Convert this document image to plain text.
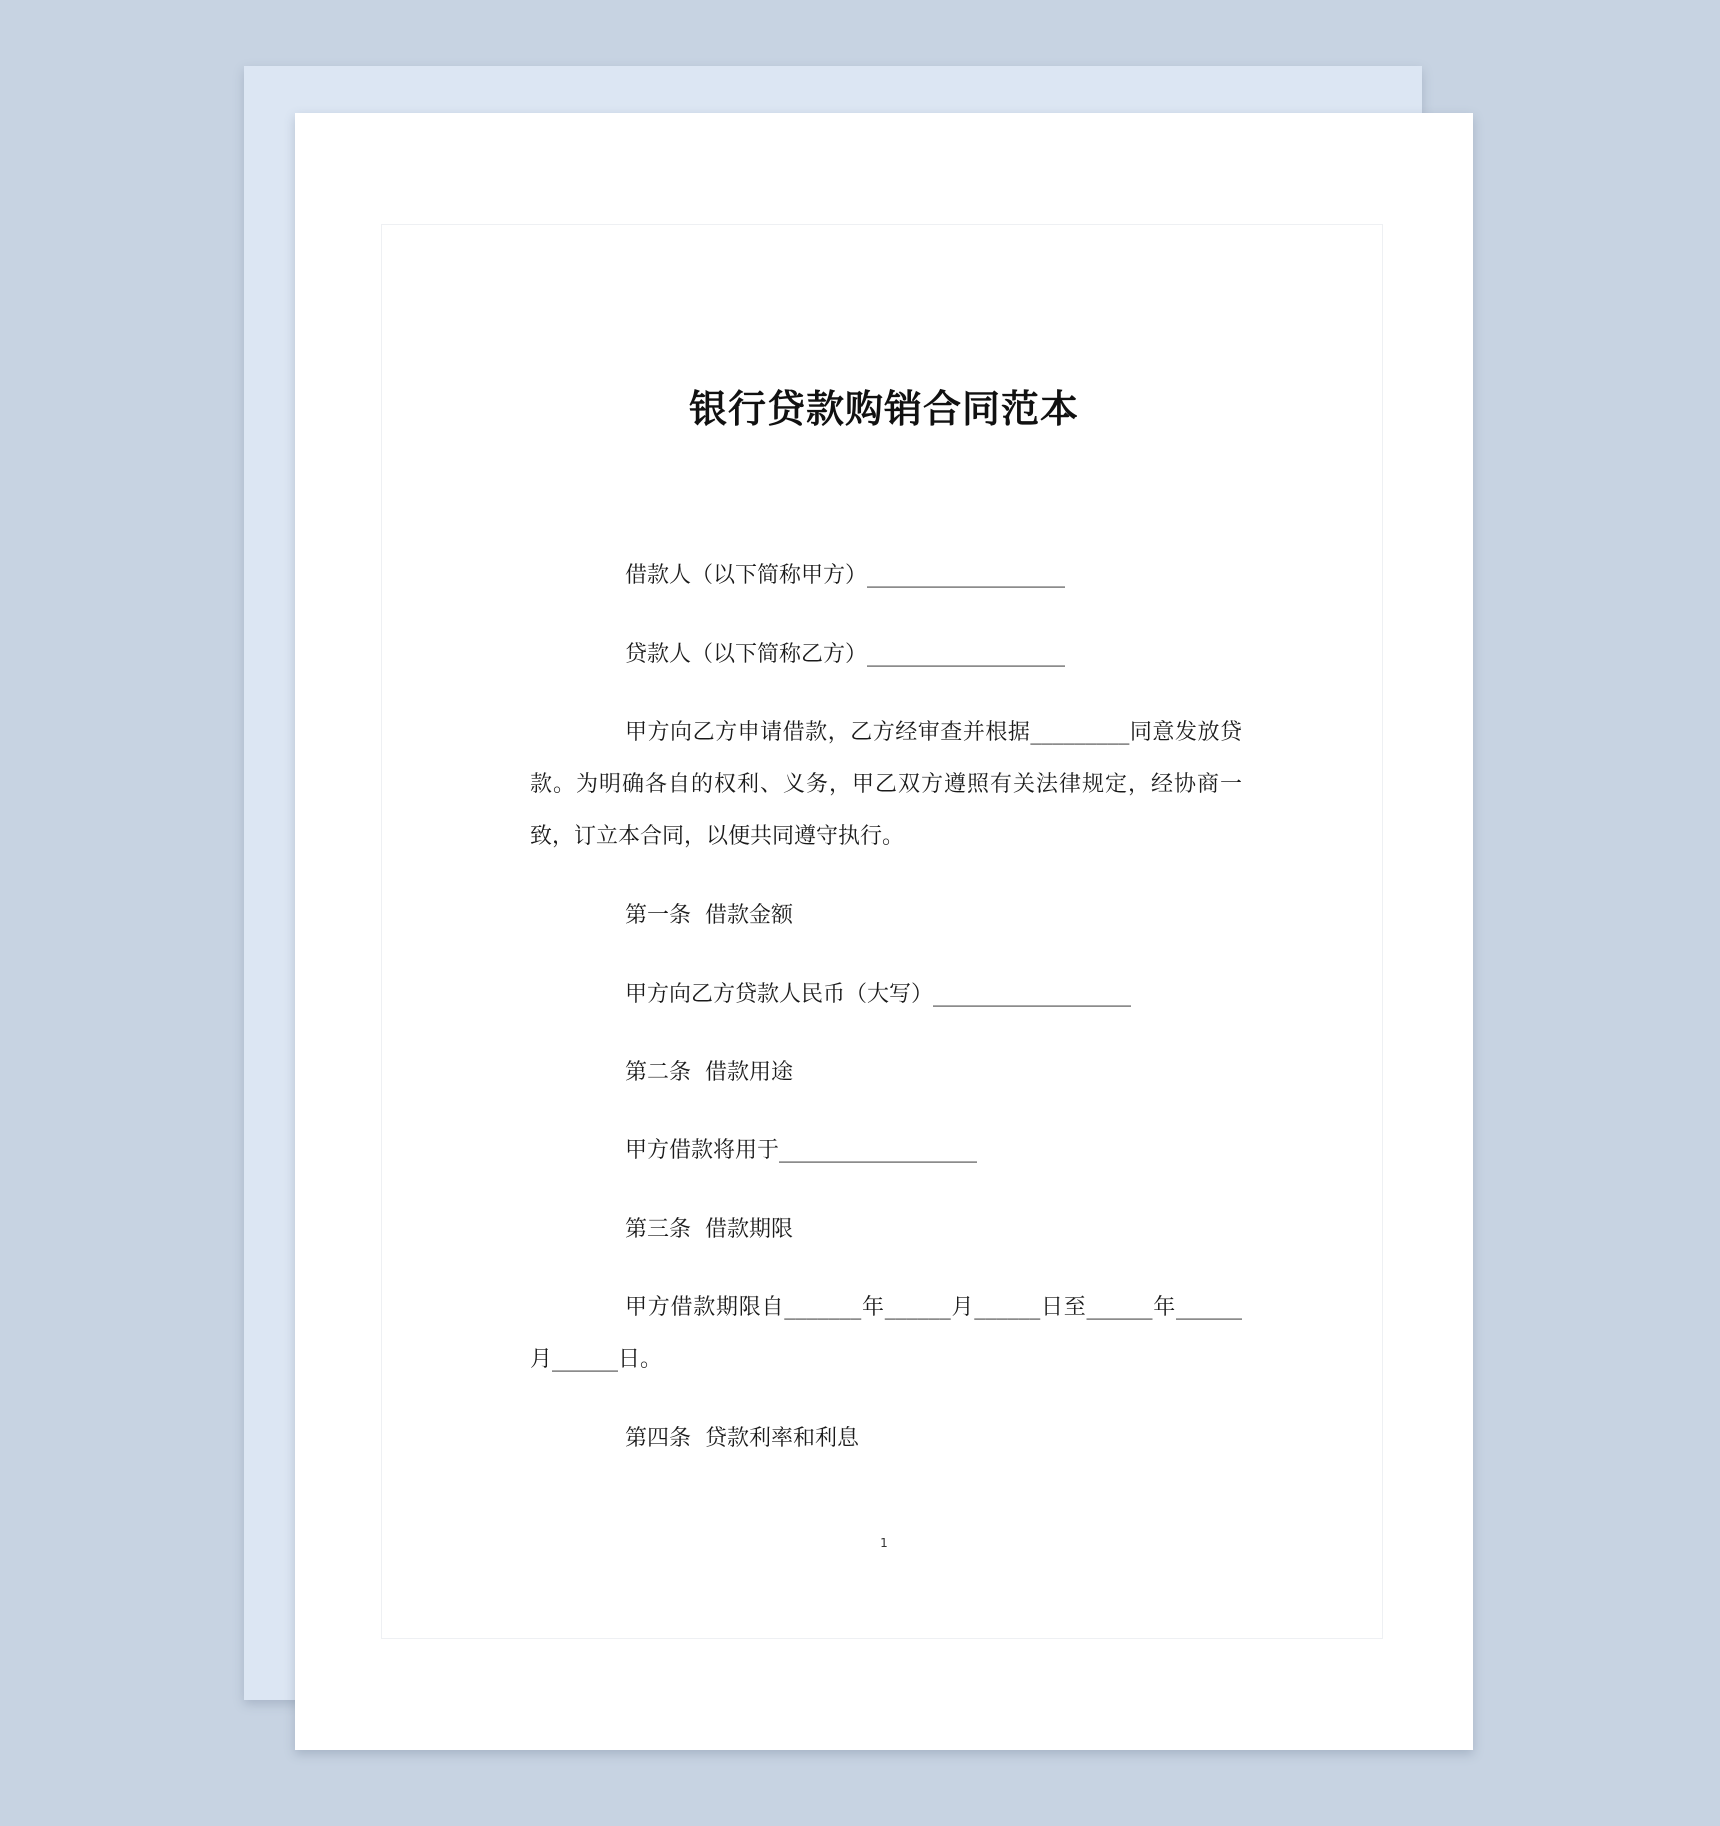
银行贷款购销合同范本

借款人（以下简称甲方）__________________

贷款人（以下简称乙方）__________________

甲方向乙方申请借款，乙方经审查并根据_________同意发放贷款。为明确各自的权利、义务，甲乙双方遵照有关法律规定，经协商一致，订立本合同，以便共同遵守执行。

第一条  借款金额

甲方向乙方贷款人民币（大写）__________________

第二条  借款用途

甲方借款将用于__________________

第三条  借款期限

甲方借款期限自_______年______月______日至______年______月______日。

第四条  贷款利率和利息

1
